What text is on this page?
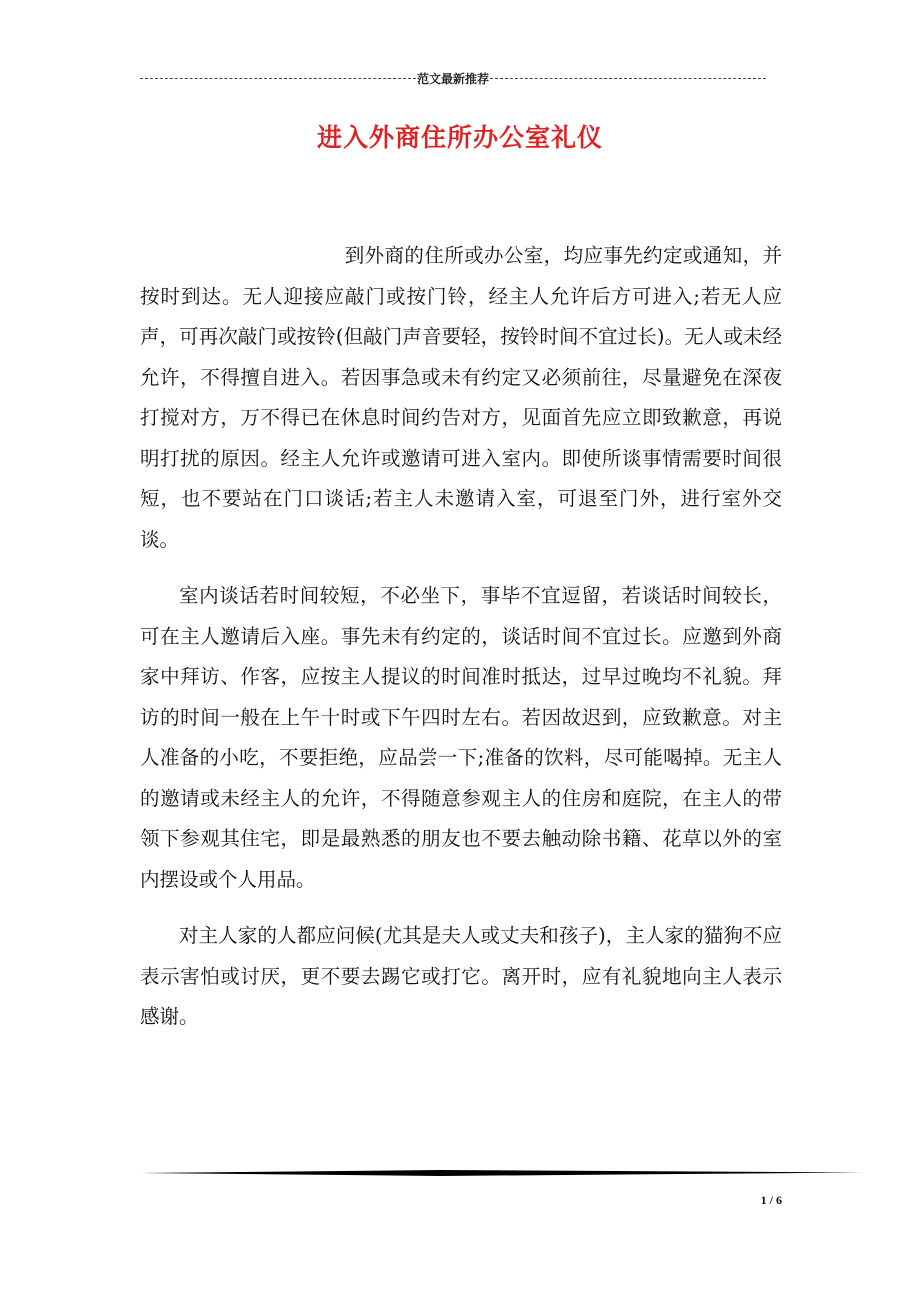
范文最新推荐
进入外商住所办公室礼仪

到外商的住所或办公室，均应事先约定或通知，并按时到达。无人迎接应敲门或按门铃，经主人允许后方可进入;若无人应声，可再次敲门或按铃(但敲门声音要轻，按铃时间不宜过长)。无人或未经允许，不得擅自进入。若因事急或未有约定又必须前往，尽量避免在深夜打搅对方，万不得已在休息时间约告对方，见面首先应立即致歉意，再说明打扰的原因。经主人允许或邀请可进入室内。即使所谈事情需要时间很短，也不要站在门口谈话;若主人未邀请入室，可退至门外，进行室外交谈。

室内谈话若时间较短，不必坐下，事毕不宜逗留，若谈话时间较长，可在主人邀请后入座。事先未有约定的，谈话时间不宜过长。应邀到外商家中拜访、作客，应按主人提议的时间准时抵达，过早过晚均不礼貌。拜访的时间一般在上午十时或下午四时左右。若因故迟到，应致歉意。对主人准备的小吃，不要拒绝，应品尝一下;准备的饮料，尽可能喝掉。无主人的邀请或未经主人的允许，不得随意参观主人的住房和庭院，在主人的带领下参观其住宅，即是最熟悉的朋友也不要去触动除书籍、花草以外的室内摆设或个人用品。

对主人家的人都应问候(尤其是夫人或丈夫和孩子)，主人家的猫狗不应表示害怕或讨厌，更不要去踢它或打它。离开时，应有礼貌地向主人表示感谢。

1 / 6
